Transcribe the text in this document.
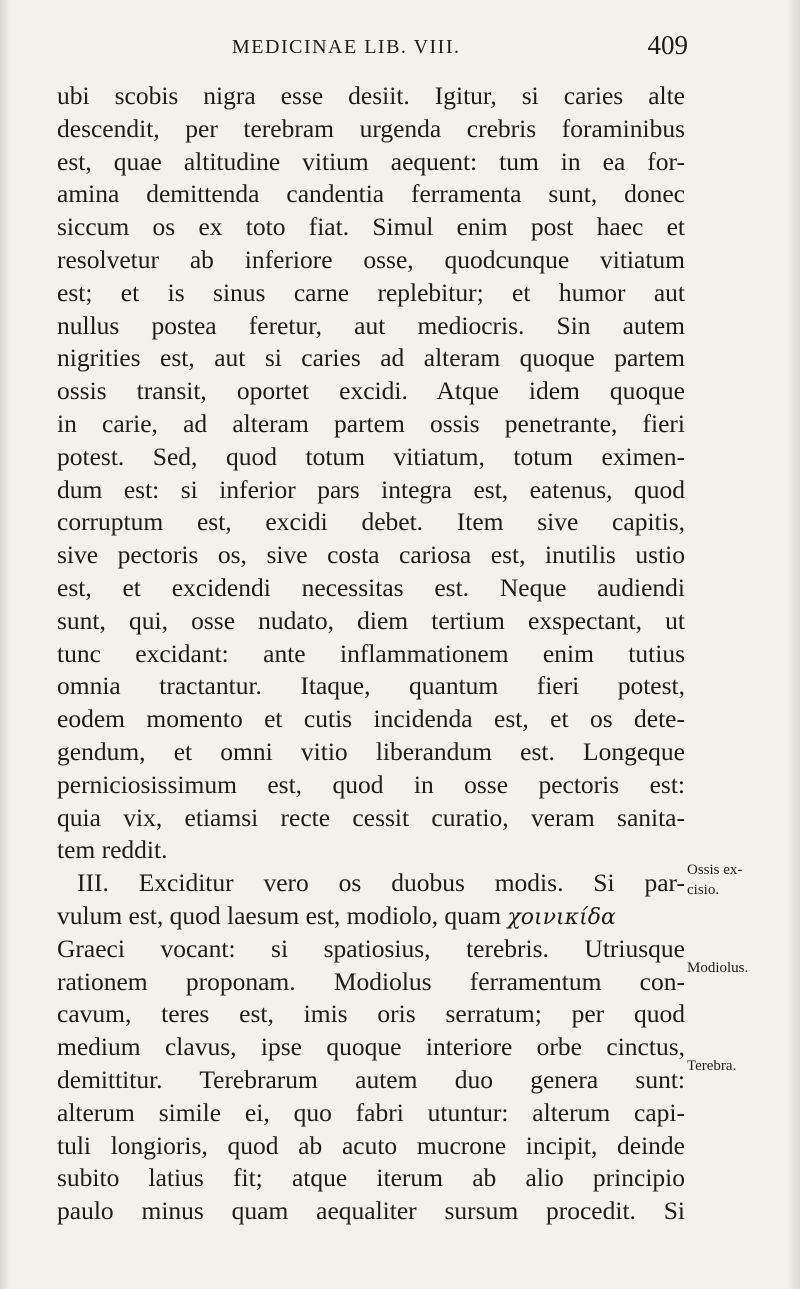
MEDICINAE LIB. VIII.	409
ubi scobis nigra esse desiit. Igitur, si caries alte
descendit, per terebram urgenda crebris foraminibus
est, quae altitudine vitium aequent: tum in ea for-
amina demittenda candentia ferramenta sunt, donec
siccum os ex toto fiat. Simul enim post haec et
resolvetur ab inferiore osse, quodcunque vitiatum
est; et is sinus carne replebitur; et humor aut
nullus postea feretur, aut mediocris. Sin autem
nigrities est, aut si caries ad alteram quoque partem
ossis transit, oportet excidi. Atque idem quoque
in carie, ad alteram partem ossis penetrante, fieri
potest. Sed, quod totum vitiatum, totum eximen-
dum est: si inferior pars integra est, eatenus, quod
corruptum est, excidi debet. Item sive capitis,
sive pectoris os, sive costa cariosa est, inutilis ustio
est, et excidendi necessitas est. Neque audiendi
sunt, qui, osse nudato, diem tertium exspectant, ut
tunc excidant: ante inflammationem enim tutius
omnia tractantur. Itaque, quantum fieri potest,
eodem momento et cutis incidenda est, et os dete-
gendum, et omni vitio liberandum est. Longeque
perniciosissimum est, quod in osse pectoris est:
quia vix, etiamsi recte cessit curatio, veram sanita-
tem reddit.
III. Exciditur vero os duobus modis. Si par-
vulum est, quod laesum est, modiolo, quam χοινικίδα
Graeci vocant: si spatiosius, terebris. Utriusque
rationem proponam. Modiolus ferramentum con-
cavum, teres est, imis oris serratum; per quod
medium clavus, ipse quoque interiore orbe cinctus,
demittitur. Terebrarum autem duo genera sunt:
alterum simile ei, quo fabri utuntur: alterum capi-
tuli longioris, quod ab acuto mucrone incipit, deinde
subito latius fit; atque iterum ab alio principio
paulo minus quam aequaliter sursum procedit. Si
Ossis ex-
cisio.
Modiolus.
Terebra.
